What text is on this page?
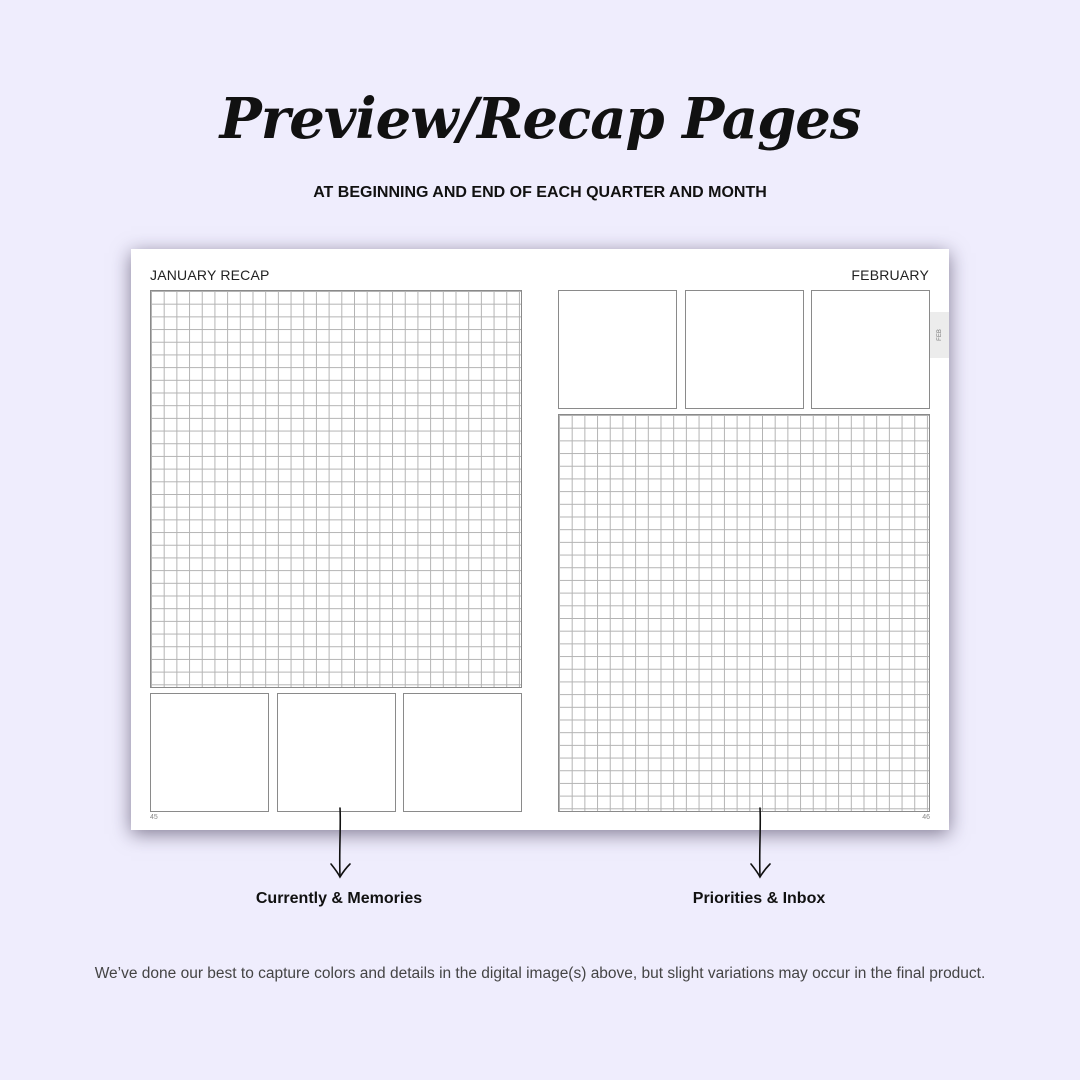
Preview/Recap Pages
AT BEGINNING AND END OF EACH QUARTER AND MONTH
JANUARY RECAP
45
FEBRUARY
FEB
46
Currently & Memories	Priorities & Inbox
We’ve done our best to capture colors and details in the digital image(s) above, but slight variations may occur in the final product.
